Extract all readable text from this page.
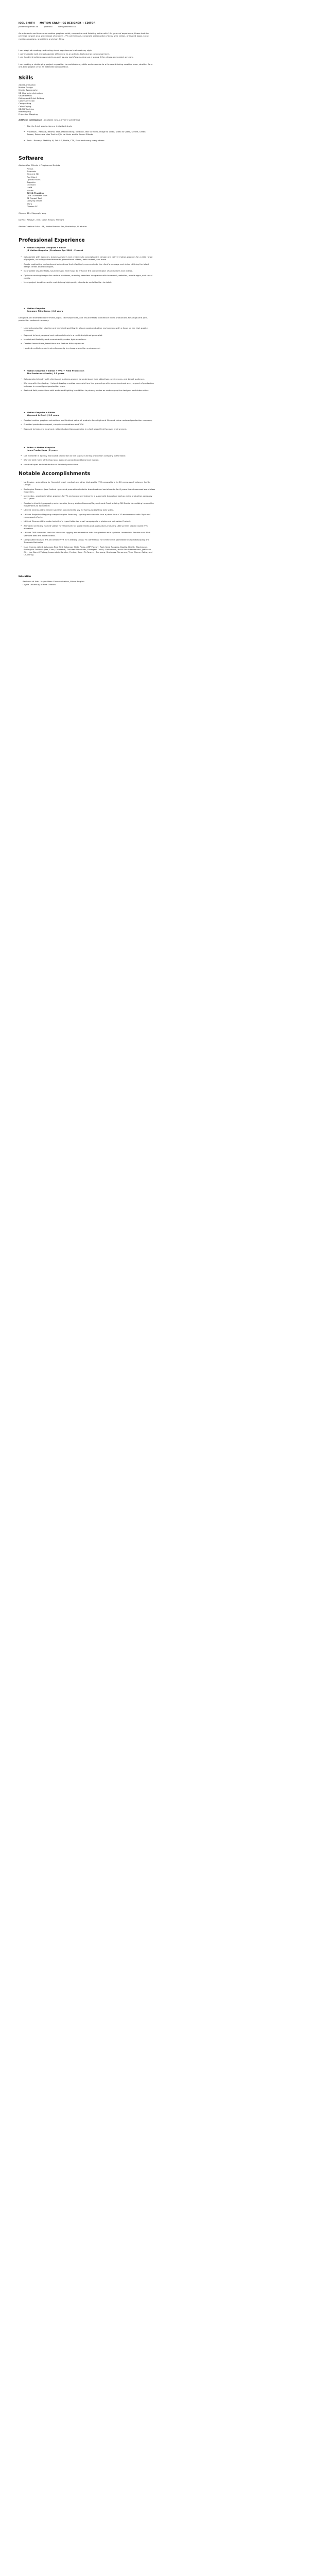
JOEL SMITH MOTION GRAPHICS DESIGNER + EDITOR
joelsmith@email.co	portfolio	www.joelsmith.co
As a dynamic and innovative motion graphics artist, compositor and finishing editor with 10+ years of experience, I have had the privilege to work on a wide range of projects - TV commercials, corporate presentation videos, web videos, animated logos, social media campaigns, short films and short films.
I am adept at creating captivating visual experiences in almost any style.
I communicate well and collaborate effectively as an artistic, technical or conceptual level.
I can handle simultaneous projects as well as any workflow making use a strong fit for almost any project or team.
I am seeking a challenging project or position to contribute my skills and expertise to a forward-thinking creative team, whether for a one-time project or for an extended collaboration.
Skills
2D/3D Animation
Motion Design
Kinetic Typography
2D Character Animation
Visual Effects
Editing and Finish Editing
Color Correction
Compositing
Color Keying
2D/3D Tracking
Rotoscoping
Projection Mapping
Artificial Intelligence - Available now, 24/7 (try something)
• Start to finish productions or individual shots
• Processes - Rescale, Retime, Text-based Editing, Ideation, Text to Video, Image to Video, Video to Video, Stylize, Green Screen, Rotoscope plus Text to V/O, to Music and to Sound Effects
• Tools - Runway, Stability AI, DALL-E, Pikkle, CTS, Envo and many many others
Software
Adobe After Effects + Plugins and Scripts
Plexus
Trapcode
Element 3D
Red Giant
Optical Flares
Sapphire
Overlord
Lucid
Mocha
AE 3D Tracking
Duik Character Tools
AE Puppet Tool
Carrying Oliver
Warp
Cinema FX
Cinema 4D - Mograph, Vray
DaVinci Resolve - Edit, Color, Fusion, Fairlight
Adobe Creative Suite - AE, Adobe Premier Pro, Photoshop, Illustrator
Professional Experience
• Motion Graphics Designer + Editor
JS Motion Graphics | Freelance Apr 2009 - Present
• Collaborate with agencies, business owners and creatives to conceptualize, design and deliver motion graphics for a wide range of projects, including advertisements, promotional videos, web content, and more.
• Create captivating and on-brand animations that effectively communicate the client's message and vision utilizing the latest design trends and techniques.
• Incorporate visual effects, sound design, and music to enhance the overall impact of animations and videos.
• Optimize moving images for various platforms, ensuring seamless integration with broadcast, websites, mobile apps, and social media.
• Meet project deadlines while maintaining high-quality standards and attention to detail.
• Motion Graphics
Company Film Group | 2.5 years
Designed and animated lower thirds, logos, title sequences, and visual effects to enhance video productions for a high-end post-production centered company.
• Learned production pipeline and technical workflow in a team post-production environment with a focus on the high quality standards.
• Exposed to local, regional and national clients in a multi-disciplined generalist.
• Maintained flexibility and accountability under tight deadlines.
• Created lower thirds, transitions and feature title sequences.
• Handled multiple projects simultaneously in a busy production environment.
• Motion Graphics + Editor + VFX + Field Production
The Producer's Studio | 1.5 years
• Collaborated directly with clients and business owners to understand their objectives, preferences, and target audience.
• Working with the startup, I helped develop creative concepts from the ground up with a one-to-almost every aspect of production in-house in a small post-production team.
• Assisted field productions with audio and lighting in addition to primary duties as motion graphics designer and video editor.
• Motion Graphics + Editor
Waymark & Crest | 2.5 years
• Created motion graphics animations and finished editorial products for a high-end film and video centered production company.
• Provided production support, complete animations and VFX.
• Exposed to high-end local and national advertising agencies in a fast paced field focused environment.
• Editor + Motion Graphics
Jones Productions | 2 years
• Cut my teeth in agency front-back production at the largest running production company in the state.
• Worked with many of the top local agencies providing editorial and motion.
• Handled tapes and distribution of finished productions.
Notable Accomplishments
• Up Design - animations for financial, legal, medical and other high-profile NYC corporations for 12 years as a freelancer for Up Design.
• Burlington Discover Jazz Festival - provided promotional ads for broadcast and social media for 8 years that showcased world class musicians.
• Ipermedia - provided motion graphics for TV and corporate videos for a successful Australian startup video production company for 7 years.
• Created a kinetic typography web video for Jimmy via Los Ranoma/Waymark and Crest utilizing 3D Studio Max adding human like movements to each letter.
• Utilized Cinema 4D to render satellites connected to sky for Samsung Lighting web video.
• Utilized Projection Mapping compositing for Samsung Lighting web video to turn a photo into a 3D environment with "light on" rotoscoped effects.
• Utilized Cinema 4D to make hot off of a typed letter for email campaign to a photo-real animation Product.
• Animated vertically framed videos for Trademark for social media and applications including LED screens placed inside NYC elevators.
• Utilized DVR character tools for character rigging and animation with foot planted walk cycle for Lowenstein Sandler and Walk Vermont web and social videos.
• Composited realistic fire and smoke VFX for a literary Drugs TV commercial for O'Brien Film Worldwide using rotoscoping and Trapcode Particular.
• Main Homes, Allied, Arkansas Rice Bird, Arkansas State Parks, AMP Pipelay, Rock Seed Rangers, Baptist Health, Blackstone, Burlington Discover Jazz, Cano, Delorame, Duncken Dominoes, Emergent Order, Globalfoam, Hollis Ran International, Jefferson City, Lee Burrell Victory, Lowenstein Sandler, Pentax, Roam Tri-Forever, Samsung, Strategas, Tomorrow, Time Warner Cable, and USA Drug.
Education
Bachelor of Arts - Major: Mass Communication, Minor: English
Loyola University of New Orleans
